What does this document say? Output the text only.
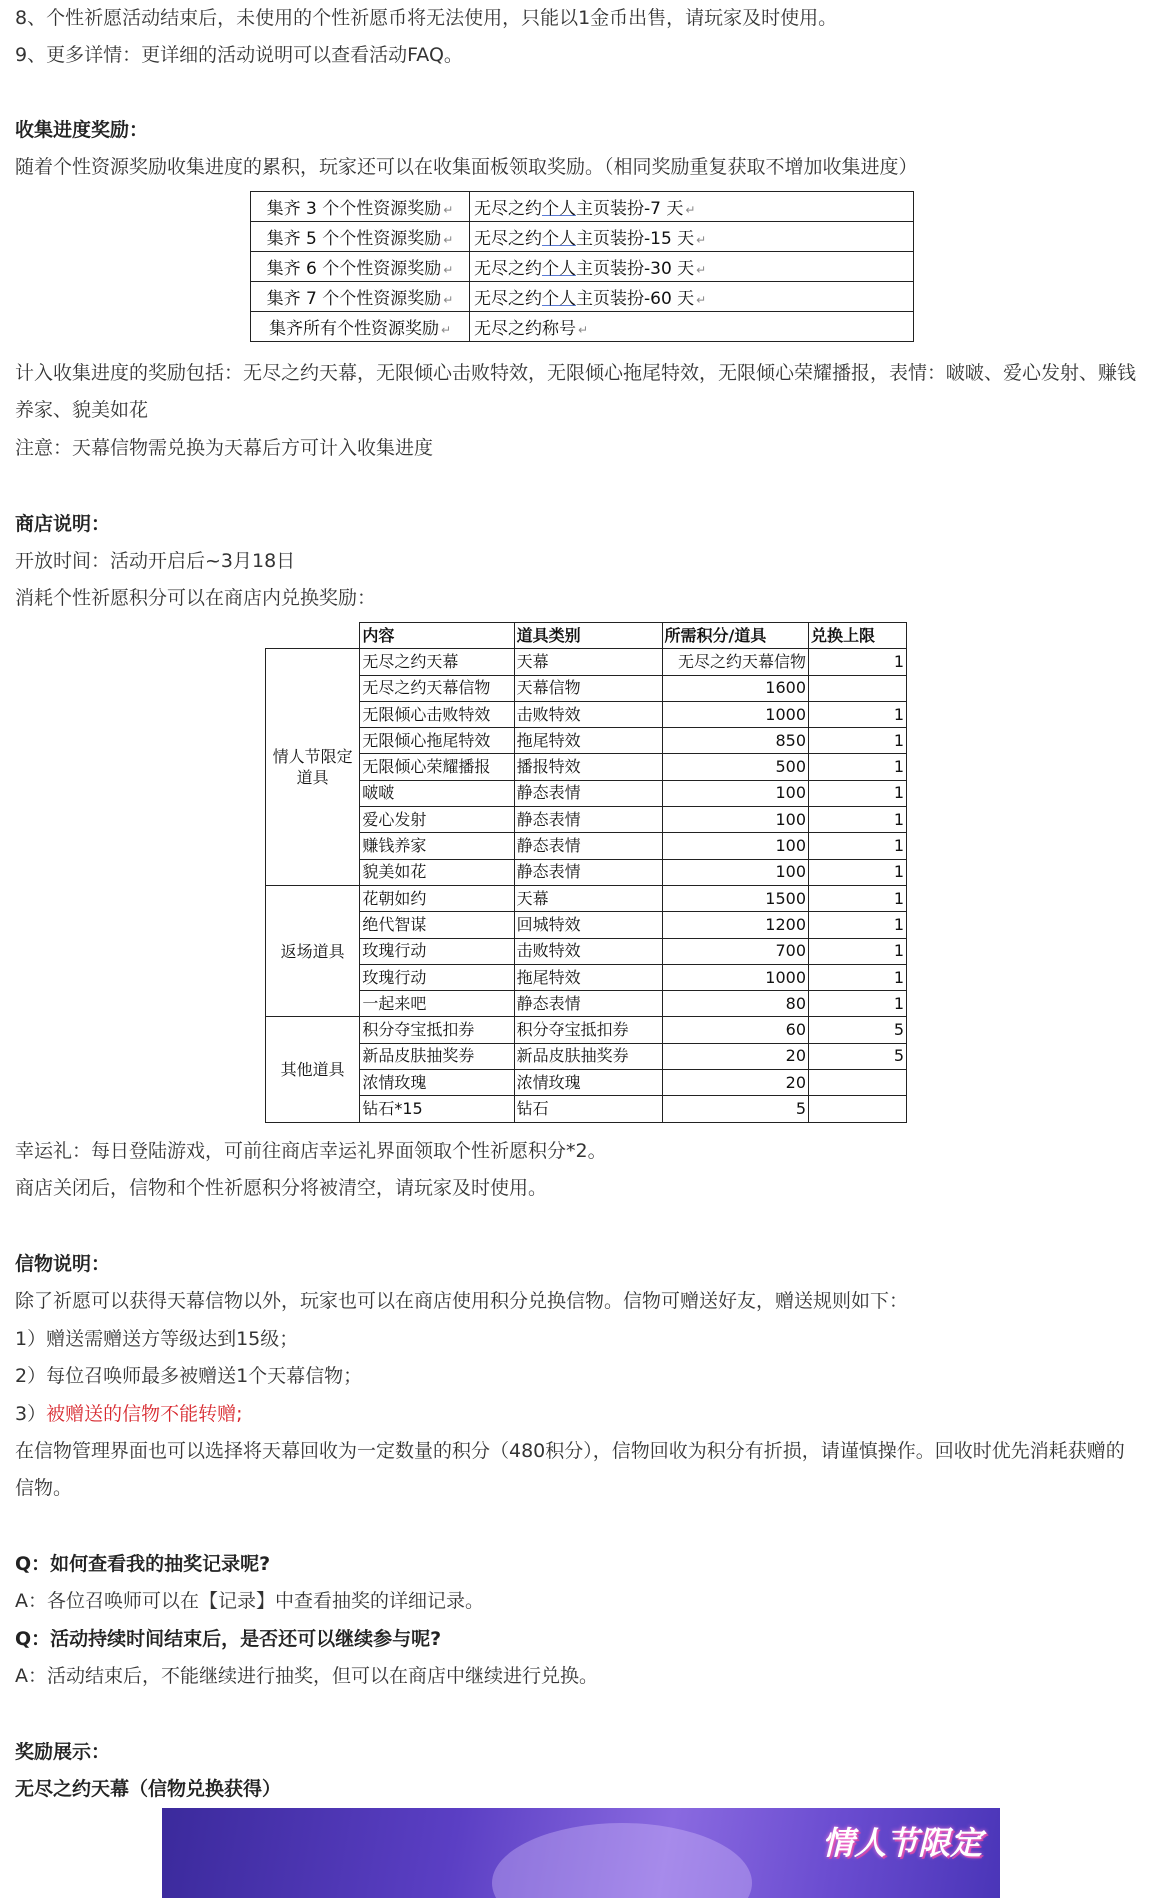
8、个性祈愿活动结束后，未使用的个性祈愿币将无法使用，只能以1金币出售，请玩家及时使用。
9、更多详情：更详细的活动说明可以查看活动FAQ。
收集进度奖励：
随着个性资源奖励收集进度的累积，玩家还可以在收集面板领取奖励。（相同奖励重复获取不增加收集进度）
集齐 3 个个性资源奖励 ↵	无尽之约个人主页装扮-7 天 ↵
集齐 5 个个性资源奖励 ↵	无尽之约个人主页装扮-15 天 ↵
集齐 6 个个性资源奖励 ↵	无尽之约个人主页装扮-30 天 ↵
集齐 7 个个性资源奖励 ↵	无尽之约个人主页装扮-60 天 ↵
集齐所有个性资源奖励 ↵	无尽之约称号 ↵
计入收集进度的奖励包括：无尽之约天幕，无限倾心击败特效，无限倾心拖尾特效，无限倾心荣耀播报，表情：啵啵、爱心发射、赚钱养家、貌美如花
注意：天幕信物需兑换为天幕后方可计入收集进度
商店说明：
开放时间：活动开启后~3月18日
消耗个性祈愿积分可以在商店内兑换奖励：
	内容	道具类别	所需积分/道具	兑换上限
情人节限定道具	无尽之约天幕	天幕	无尽之约天幕信物	1
	无尽之约天幕信物	天幕信物	1600	
	无限倾心击败特效	击败特效	1000	1
	无限倾心拖尾特效	拖尾特效	850	1
	无限倾心荣耀播报	播报特效	500	1
	啵啵	静态表情	100	1
	爱心发射	静态表情	100	1
	赚钱养家	静态表情	100	1
	貌美如花	静态表情	100	1
返场道具	花朝如约	天幕	1500	1
	绝代智谋	回城特效	1200	1
	玫瑰行动	击败特效	700	1
	玫瑰行动	拖尾特效	1000	1
	一起来吧	静态表情	80	1
其他道具	积分夺宝抵扣券	积分夺宝抵扣券	60	5
	新品皮肤抽奖券	新品皮肤抽奖券	20	5
	浓情玫瑰	浓情玫瑰	20	
	钻石*15	钻石	5	
幸运礼：每日登陆游戏，可前往商店幸运礼界面领取个性祈愿积分*2。
商店关闭后，信物和个性祈愿积分将被清空，请玩家及时使用。
信物说明：
除了祈愿可以获得天幕信物以外，玩家也可以在商店使用积分兑换信物。信物可赠送好友，赠送规则如下：
1）赠送需赠送方等级达到15级；
2）每位召唤师最多被赠送1个天幕信物；
3）被赠送的信物不能转赠;
在信物管理界面也可以选择将天幕回收为一定数量的积分（480积分），信物回收为积分有折损，请谨慎操作。回收时优先消耗获赠的信物。
Q：如何查看我的抽奖记录呢?
A：各位召唤师可以在【记录】中查看抽奖的详细记录。
Q：活动持续时间结束后，是否还可以继续参与呢?
A：活动结束后，不能继续进行抽奖，但可以在商店中继续进行兑换。
奖励展示：
无尽之约天幕（信物兑换获得）
情人节限定
